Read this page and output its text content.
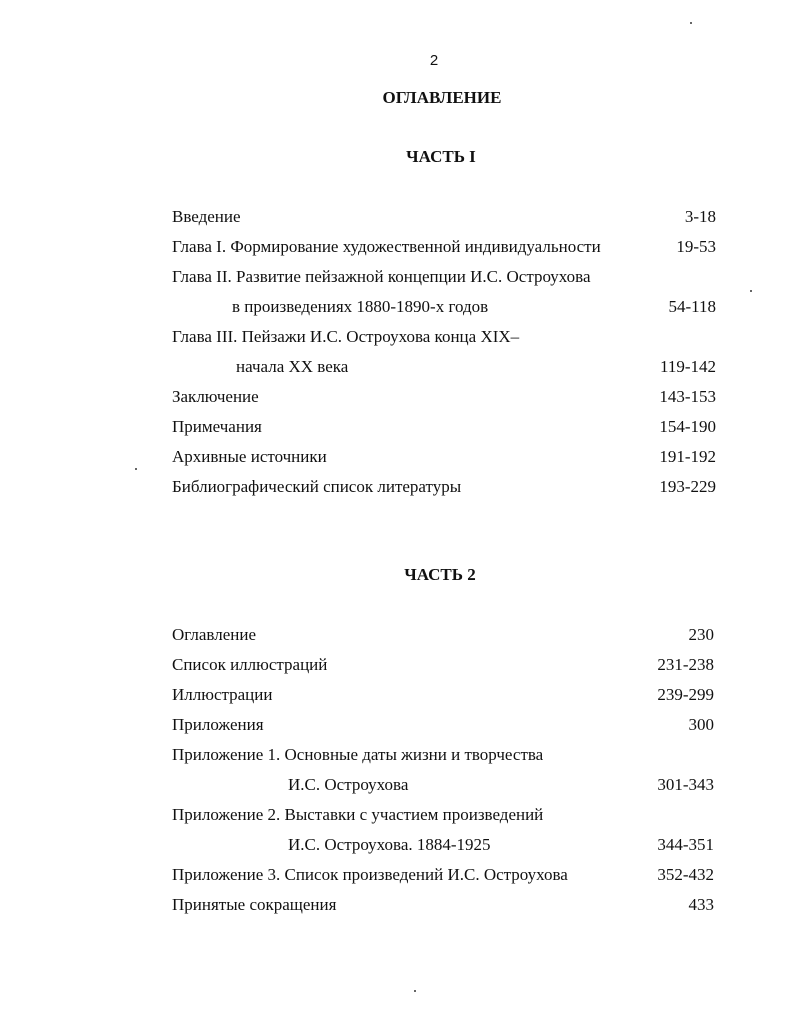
2
ОГЛАВЛЕНИЕ
ЧАСТЬ I
Введение	3-18
Глава I. Формирование художественной индивидуальности	19-53
Глава II. Развитие пейзажной концепции И.С. Остроухова
в произведениях 1880-1890-х годов	54-118
Глава III. Пейзажи И.С. Остроухова конца XIX–
начала XX века	119-142
Заключение	143-153
Примечания	154-190
Архивные источники	191-192
Библиографический список литературы	193-229
ЧАСТЬ 2
Оглавление	230
Список иллюстраций	231-238
Иллюстрации	239-299
Приложения	300
Приложение 1. Основные даты жизни и творчества
И.С. Остроухова	301-343
Приложение 2. Выставки с участием произведений
И.С. Остроухова. 1884-1925	344-351
Приложение 3. Список произведений И.С. Остроухова	352-432
Принятые сокращения	433
